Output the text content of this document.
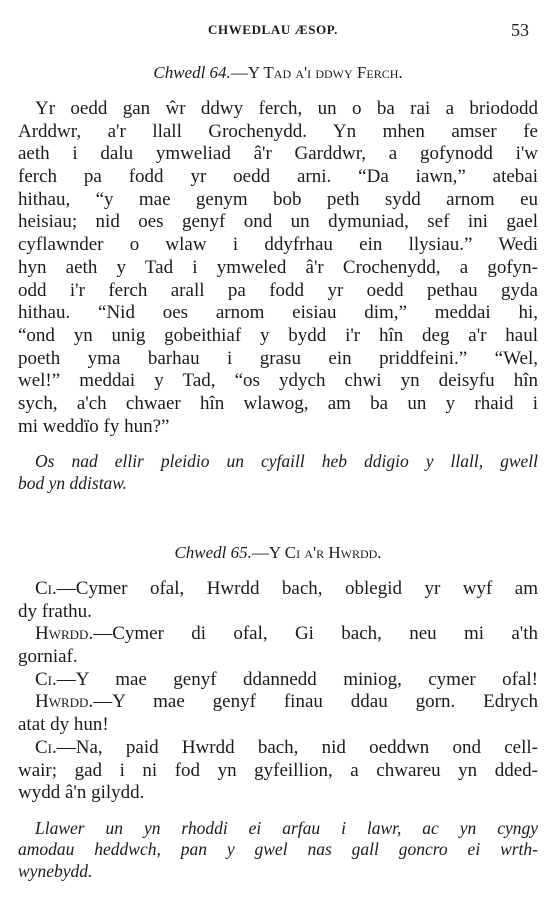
CHWEDLAU ÆSOP.	53

Chwedl 64.—Y Tad a'i ddwy Ferch.

Yr oedd gan ŵr ddwy ferch, un o ba rai a briododd
Arddwr, a'r llall Grochenydd. Yn mhen amser fe
aeth i dalu ymweliad â'r Garddwr, a gofynodd i'w
ferch pa fodd yr oedd arni. “Da iawn,” atebai
hithau, “y mae genym bob peth sydd arnom eu
heisiau; nid oes genyf ond un dymuniad, sef ini gael
cyflawnder o wlaw i ddyfrhau ein llysiau.” Wedi
hyn aeth y Tad i ymweled â'r Crochenydd, a gofyn-
odd i'r ferch arall pa fodd yr oedd pethau gyda
hithau. “Nid oes arnom eisiau dim,” meddai hi,
“ond yn unig gobeithiaf y bydd i'r hîn deg a'r haul
poeth yma barhau i grasu ein priddfeini.” “Wel,
wel!” meddai y Tad, “os ydych chwi yn deisyfu hîn
sych, a'ch chwaer hîn wlawog, am ba un y rhaid i
mi weddïo fy hun?”
Os nad ellir pleidio un cyfaill heb ddigio y llall, gwell
bod yn ddistaw.

Chwedl 65.—Y Ci a'r Hwrdd.

Ci.—Cymer ofal, Hwrdd bach, oblegid yr wyf am
dy frathu.
Hwrdd.—Cymer di ofal, Gi bach, neu mi a'th
gorniaf.
Ci.—Y mae genyf ddannedd miniog, cymer ofal!
Hwrdd.—Y mae genyf finau ddau gorn. Edrych
atat dy hun!
Ci.—Na, paid Hwrdd bach, nid oeddwn ond cell-
wair; gad i ni fod yn gyfeillion, a chwareu yn dded-
wydd â'n gilydd.
Llawer un yn rhoddi ei arfau i lawr, ac yn cyngy
amodau heddwch, pan y gwel nas gall goncro ei wrth-
wynebydd.
